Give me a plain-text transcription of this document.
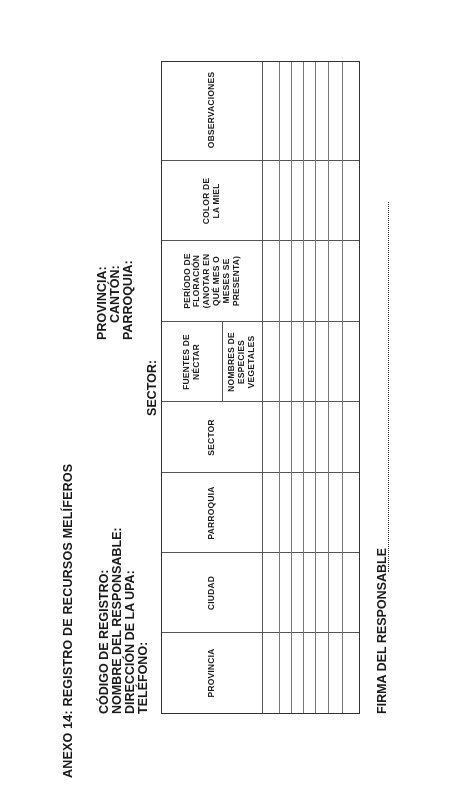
ANEXO 14: REGISTRO DE RECURSOS MELÍFEROS CÓDIGO DE REGISTRO: NOMBRE DEL RESPONSABLE: DIRECCIÓN DE LA UPA: TELÉFONO:
PROVINCIA: CANTÓN: PARROQUIA:
SECTOR:
PROVINCIA
CIUDAD
PARROQUIA
SECTOR
FUENTES DE NÉCTAR	NOMBRES DE ESPECIES VEGETALES
PERÍODO DE FLORACIÓN (ANOTAR EN QUÉ MES O MESES SE PRESENTA)
COLOR DE LA MIEL
OBSERVACIONES
FIRMA DEL RESPONSABLE
